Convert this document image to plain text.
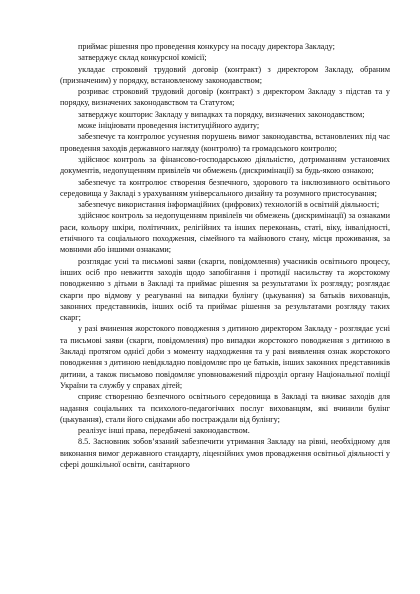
приймає рішення про проведення конкурсу на посаду директора Закладу;

затверджує склад конкурсної комісії;

укладає строковий трудовий договір (контракт) з директором Закладу, обраним (призначеним) у порядку, встановленому законодавством;

розриває строковий трудовий договір (контракт) з директором Закладу з підстав та у порядку, визначених законодавством та Статутом;

затверджує кошторис Закладу у випадках та порядку, визначених законодавством;

може ініціювати проведення інституційного аудиту;

забезпечує та контролює усунення порушень вимог законодавства, встановлених під час проведення заходів державного нагляду (контролю) та громадського контролю;

здійснює контроль за фінансово-господарською діяльністю, дотриманням установчих документів, недопущенням привілеїв чи обмежень (дискримінації) за будь-якою ознакою;

забезпечує та контролює створення безпечного, здорового та інклюзивного освітнього середовища у Закладі з урахуванням універсального дизайну та розумного пристосування;

забезпечує використання інформаційних (цифрових) технологій в освітній діяльності;

здійснює контроль за недопущенням привілеїв чи обмежень (дискримінації) за ознаками раси, кольору шкіри, політичних, релігійних та інших переконань, статі, віку, інвалідності, етнічного та соціального походження, сімейного та майнового стану, місця проживання, за мовними або іншими ознаками;

розглядає усні та письмові заяви (скарги, повідомлення) учасників освітнього процесу, інших осіб про невжиття заходів щодо запобігання і протидії насильству та жорстокому поводженню з дітьми в Закладі та приймає рішення за результатами їх розгляду; розглядає скарги про відмову у реагуванні на випадки булінгу (цькування) за батьків вихованців, законних представників, інших осіб та приймає рішення за результатами розгляду таких скарг;

у разі вчинення жорстокого поводження з дитиною директором Закладу - розглядає усні та письмові заяви (скарги, повідомлення) про випадки жорстокого поводження з дитиною в Закладі протягом однієї доби з моменту надходження та у разі виявлення ознак жорстокого поводження з дитиною невідкладно повідомляє про це батьків, інших законних представників дитини, а також письмово повідомляє уповноважений підрозділ органу Національної поліції України та службу у справах дітей;

сприяє створенню безпечного освітнього середовища в Закладі та вживає заходів для надання соціальних та психолого-педагогічних послуг вихованцям, які вчинили булінг (цькування), стали його свідками або постраждали від булінгу;

реалізує інші права, передбачені законодавством.

8.5. Засновник зобов’язаний забезпечити утримання Закладу на рівні, необхідному для виконання вимог державного стандарту, ліцензійних умов провадження освітньої діяльності у сфері дошкільної освіти, санітарного
